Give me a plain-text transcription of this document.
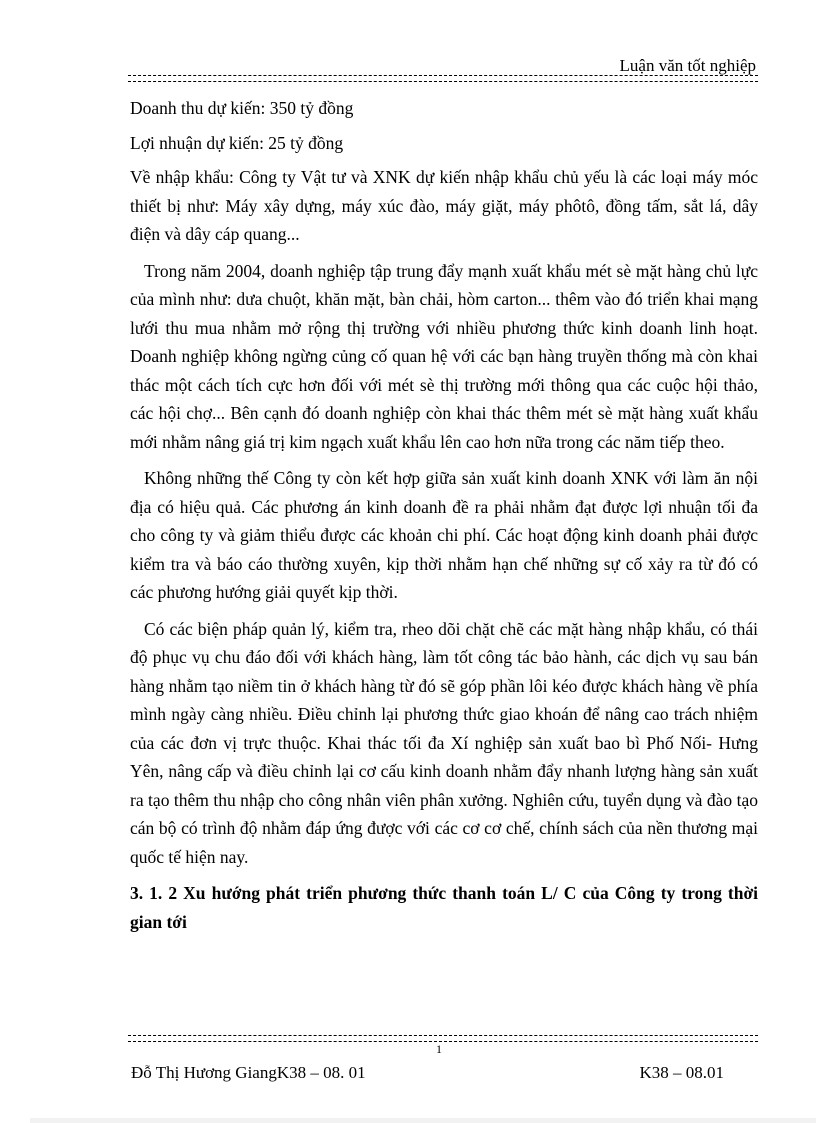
Luận văn tốt nghiệp

Doanh thu dự kiến: 350 tỷ đồng

Lợi nhuận dự kiến: 25 tỷ đồng

Về nhập khẩu: Công ty Vật tư và XNK dự kiến nhập khẩu chủ yếu là các loại máy móc thiết bị như: Máy xây dựng, máy xúc đào, máy giặt, máy phôtô, đồng tấm, sắt lá, dây điện và dây cáp quang...

Trong năm 2004, doanh nghiệp tập trung đẩy mạnh xuất khẩu mét sè mặt hàng chủ lực của mình như: dưa chuột, khăn mặt, bàn chải, hòm carton... thêm vào đó triển khai mạng lưới thu mua nhằm mở rộng thị trường với nhiều phương thức kinh doanh linh hoạt. Doanh nghiệp không ngừng củng cố quan hệ với các bạn hàng truyền thống mà còn khai thác một cách tích cực hơn đối với mét sè thị trường mới thông qua các cuộc hội thảo, các hội chợ... Bên cạnh đó doanh nghiệp còn khai thác thêm mét sè mặt hàng xuất khẩu mới nhằm nâng giá trị kim ngạch xuất khẩu lên cao hơn nữa trong các năm tiếp theo.

Không những thế Công ty còn kết hợp giữa sản xuất kinh doanh XNK với làm ăn nội địa có hiệu quả. Các phương án kinh doanh đề ra phải nhằm đạt được lợi nhuận tối đa cho công ty và giảm thiểu được các khoản chi phí. Các hoạt động kinh doanh phải được kiểm tra và báo cáo thường xuyên, kịp thời nhằm hạn chế những sự cố xảy ra từ đó có các phương hướng giải quyết kịp thời.

Có các biện pháp quản lý, kiểm tra, rheo dõi chặt chẽ các mặt hàng nhập khẩu, có thái độ phục vụ chu đáo đối với khách hàng, làm tốt công tác bảo hành, các dịch vụ sau bán hàng nhằm tạo niềm tin ở khách hàng từ đó sẽ góp phần lôi kéo được khách hàng về phía mình ngày càng nhiều. Điều chỉnh lại phương thức giao khoán để nâng cao trách nhiệm của các đơn vị trực thuộc. Khai thác tối đa Xí nghiệp sản xuất bao bì Phố Nối- Hưng Yên, nâng cấp và điều chỉnh lại cơ cấu kinh doanh nhằm đẩy nhanh lượng hàng sản xuất ra tạo thêm thu nhập cho công nhân viên phân xưởng. Nghiên cứu, tuyển dụng và đào tạo cán bộ có trình độ nhằm đáp ứng được với các cơ cơ chế, chính sách của nền thương mại quốc tế hiện nay.

3. 1. 2 Xu hướng phát triển phương thức thanh toán L/ C của Công ty trong thời gian tới

1
Đỗ Thị Hương GiangK38 – 08. 01	K38 – 08.01
